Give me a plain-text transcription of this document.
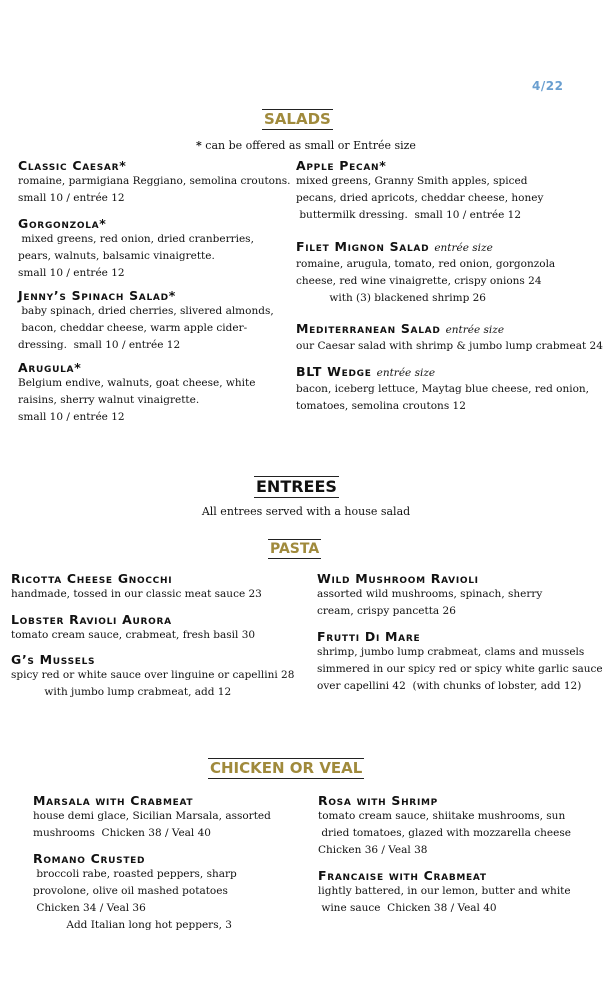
4/22
SALADS
* can be offered as small or Entrée size
Classic Caesar*
romaine, parmigiana Reggiano, semolina croutons.
small 10 / entrée 12
Gorgonzola*
mixed greens, red onion, dried cranberries,
pears, walnuts, balsamic vinaigrette.
small 10 / entrée 12
Jenny’s Spinach Salad*
baby spinach, dried cherries, slivered almonds,
bacon, cheddar cheese, warm apple cider-
dressing.  small 10 / entrée 12
Arugula*
Belgium endive, walnuts, goat cheese, white
raisins, sherry walnut vinaigrette.
small 10 / entrée 12
Apple Pecan*
mixed greens, Granny Smith apples, spiced
pecans, dried apricots, cheddar cheese, honey
buttermilk dressing.  small 10 / entrée 12
Filet Mignon Salad entrée size
romaine, arugula, tomato, red onion, gorgonzola
cheese, red wine vinaigrette, crispy onions 24
with (3) blackened shrimp 26
Mediterranean Salad entrée size
our Caesar salad with shrimp & jumbo lump crabmeat 24
BLT Wedge entrée size
bacon, iceberg lettuce, Maytag blue cheese, red onion,
tomatoes, semolina croutons 12
ENTREES
All entrees served with a house salad
PASTA
Ricotta Cheese Gnocchi
handmade, tossed in our classic meat sauce 23
Lobster Ravioli Aurora
tomato cream sauce, crabmeat, fresh basil 30
G’s Mussels
spicy red or white sauce over linguine or capellini 28
with jumbo lump crabmeat, add 12
Wild Mushroom Ravioli
assorted wild mushrooms, spinach, sherry
cream, crispy pancetta 26
Frutti Di Mare
shrimp, jumbo lump crabmeat, clams and mussels
simmered in our spicy red or spicy white garlic sauce
over capellini 42  (with chunks of lobster, add 12)
CHICKEN OR VEAL
Marsala with Crabmeat
house demi glace, Sicilian Marsala, assorted
mushrooms  Chicken 38 / Veal 40
Romano Crusted
broccoli rabe, roasted peppers, sharp
provolone, olive oil mashed potatoes
Chicken 34 / Veal 36
Add Italian long hot peppers, 3
Rosa with Shrimp
tomato cream sauce, shiitake mushrooms, sun
dried tomatoes, glazed with mozzarella cheese
Chicken 36 / Veal 38
Francaise with Crabmeat
lightly battered, in our lemon, butter and white
wine sauce  Chicken 38 / Veal 40
